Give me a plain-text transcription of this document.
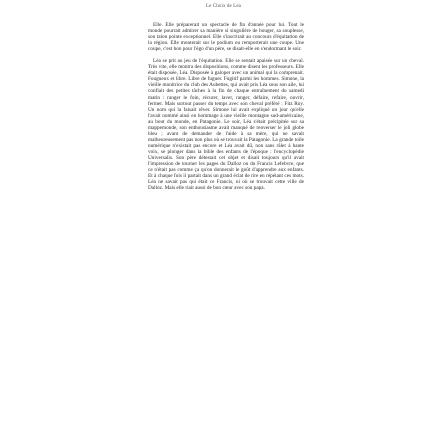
Le Choix de Léa

Elle. Elle préparerait un spectacle de fin d'année pour lui. Tout le monde pourrait admirer sa manière si singulière de bouger, sa souplesse, son talon pointe exceptionnel. Elle s'inscrirait au concours d'équitation de la région. Elle monterait sur le podium ou remporterait une coupe. Une coupe, c'est bon pour l'égo d'un père, se disait-elle en s'endormant le soir.

Léa se prit au jeu de l'équitation. Elle se sentait apaisée sur un cheval. Très vite, elle montra des dispositions, comme disent les professeurs. Elle était disposée, Léa. Disposée à galoper avec un animal qui la comprenait. Fougueux et libre. Libre de fuguer. Fugitif parmi les hommes. Simone, la vieille monitrice du club des Aubettes, qui avait pris Léa sous son aile, lui confiait des petites tâches à la fin de chaque entraînement du samedi matin : ranger le foin, récurer, laver, ranger, défaire, refaire, ouvrir, fermer. Mais surtout passer du temps avec son cheval préféré : Fitz Roy. Un nom qui la faisait rêver. Simone lui avait expliqué un jour qu'elle l'avait nommé ainsi en hommage à une vieille montagne sud-américaine, au bout du monde, en Patagonie. Le soir, Léa s'était précipitée sur sa mappemonde, son enthousiasme avait manqué de renverser le joli globe bleu ; avant de demander de l'aide à sa mère, qui ne savait malheureusement pas non plus où se trouvait la Patagonie. La grande toile numérique n'existait pas encore et Léa avait dû, non sans râler à haute voix, se plonger dans la bible des enfants de l'époque : l'encyclopédie Universalis. Son père détestait cet objet et disait toujours qu'il avait l'impression de tourner les pages du Dalloz ou du Francis Lefebvre, que ce n'était pas comme ça qu'on donnerait le goût d'apprendre aux enfants. Et à chaque fois il partait dans un grand éclat de rire en répétant ces mots. Léa ne savait pas qui était ce Francis, ni où se trouvait cette ville de Dalloz. Mais elle riait aussi de bon cœur avec son papa.
